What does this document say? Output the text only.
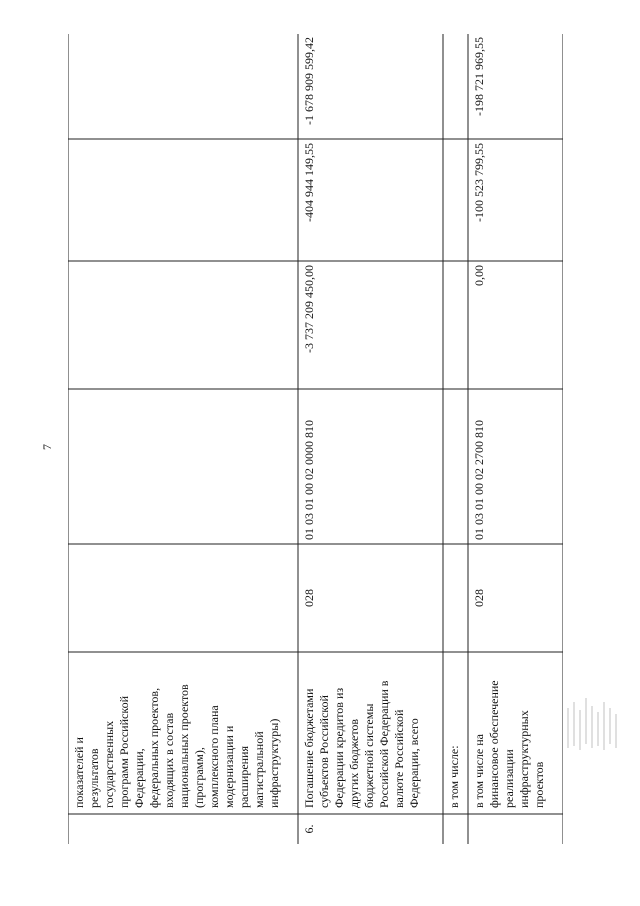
7
показателей и
результатов
государственных
программ Российской
Федерации,
федеральных проектов,
входящих в состав
национальных проектов
(программ),
комплексного плана
модернизации и
расширения
магистральной
инфраструктуры)
6.
Погашение бюджетами
субъектов Российской
Федерации кредитов из
других бюджетов
бюджетной системы
Российской Федерации в
валюте Российской
Федерации, всего
028
01 03 01 00 02 0000 810
-3 737 209 450,00
-404 944 149,55
-1 678 909 599,42
в том числе: в том числе на
финансовое обеспечение
реализации
инфраструктурных
проектов
028
01 03 01 00 02 2700 810
0,00
-100 523 799,55
-198 721 969,55
